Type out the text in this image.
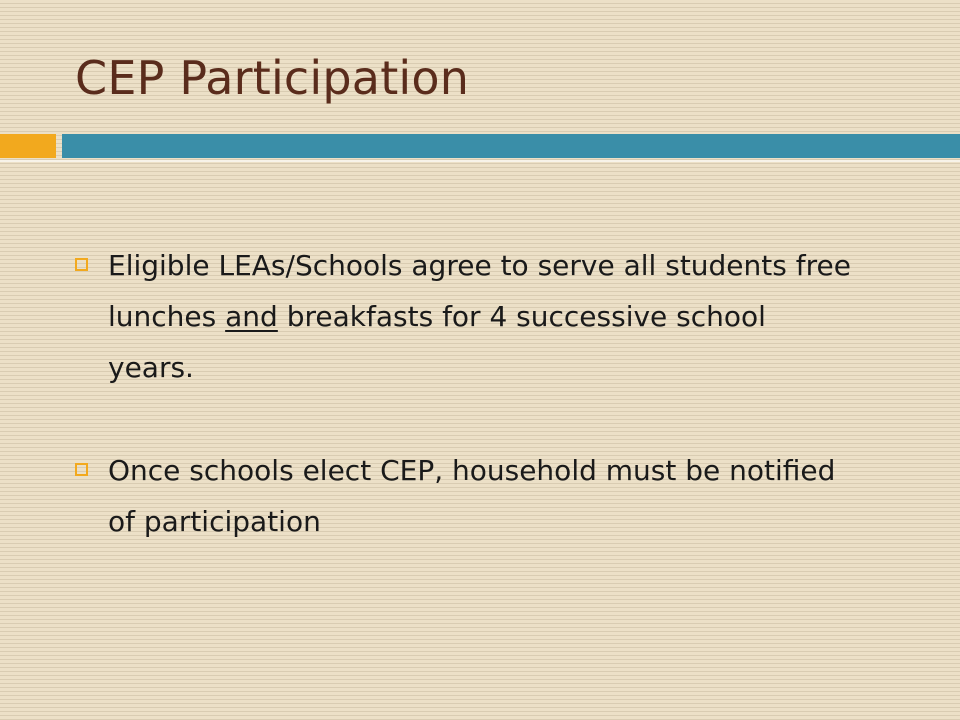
CEP Participation
Eligible LEAs/Schools agree to serve all students free lunches and breakfasts for 4 successive school years.
Once schools elect CEP, household must be notified of participation
